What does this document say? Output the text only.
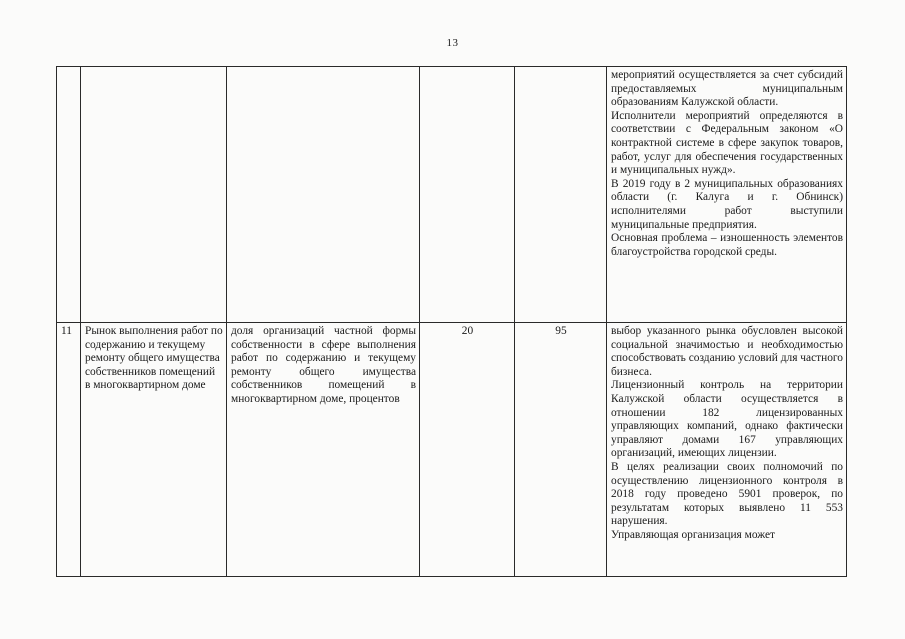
13

					мероприятий осуществляется за счет субсидий предоставляемых муниципальным образованиям Калужской области.

Исполнители мероприятий определяются в соответствии с Федеральным законом «О контрактной системе в сфере закупок товаров, работ, услуг для обеспечения государственных и муниципальных нужд».

В 2019 году в 2 муниципальных образованиях области (г. Калуга и г. Обнинск) исполнителями работ выступили муниципальные предприятия.

Основная проблема – изношенность элементов благоустройства городской среды.

11	Рынок выполнения работ по содержанию и текущему ремонту общего имущества собственников помещений в многоквартирном доме	доля организаций частной формы собственности в сфере выполнения работ по содержанию и текущему ремонту общего имущества собственников помещений в многоквартирном доме, процентов	20	95	выбор указанного рынка обусловлен высокой социальной значимостью и необходимостью способствовать созданию условий для частного бизнеса.

Лицензионный контроль на территории Калужской области осуществляется в отношении 182 лицензированных управляющих компаний, однако фактически управляют домами 167 управляющих организаций, имеющих лицензии.

В целях реализации своих полномочий по осуществлению лицензионного контроля в 2018 году проведено 5901 проверок, по результатам которых выявлено 11 553 нарушения.

Управляющая организация может
